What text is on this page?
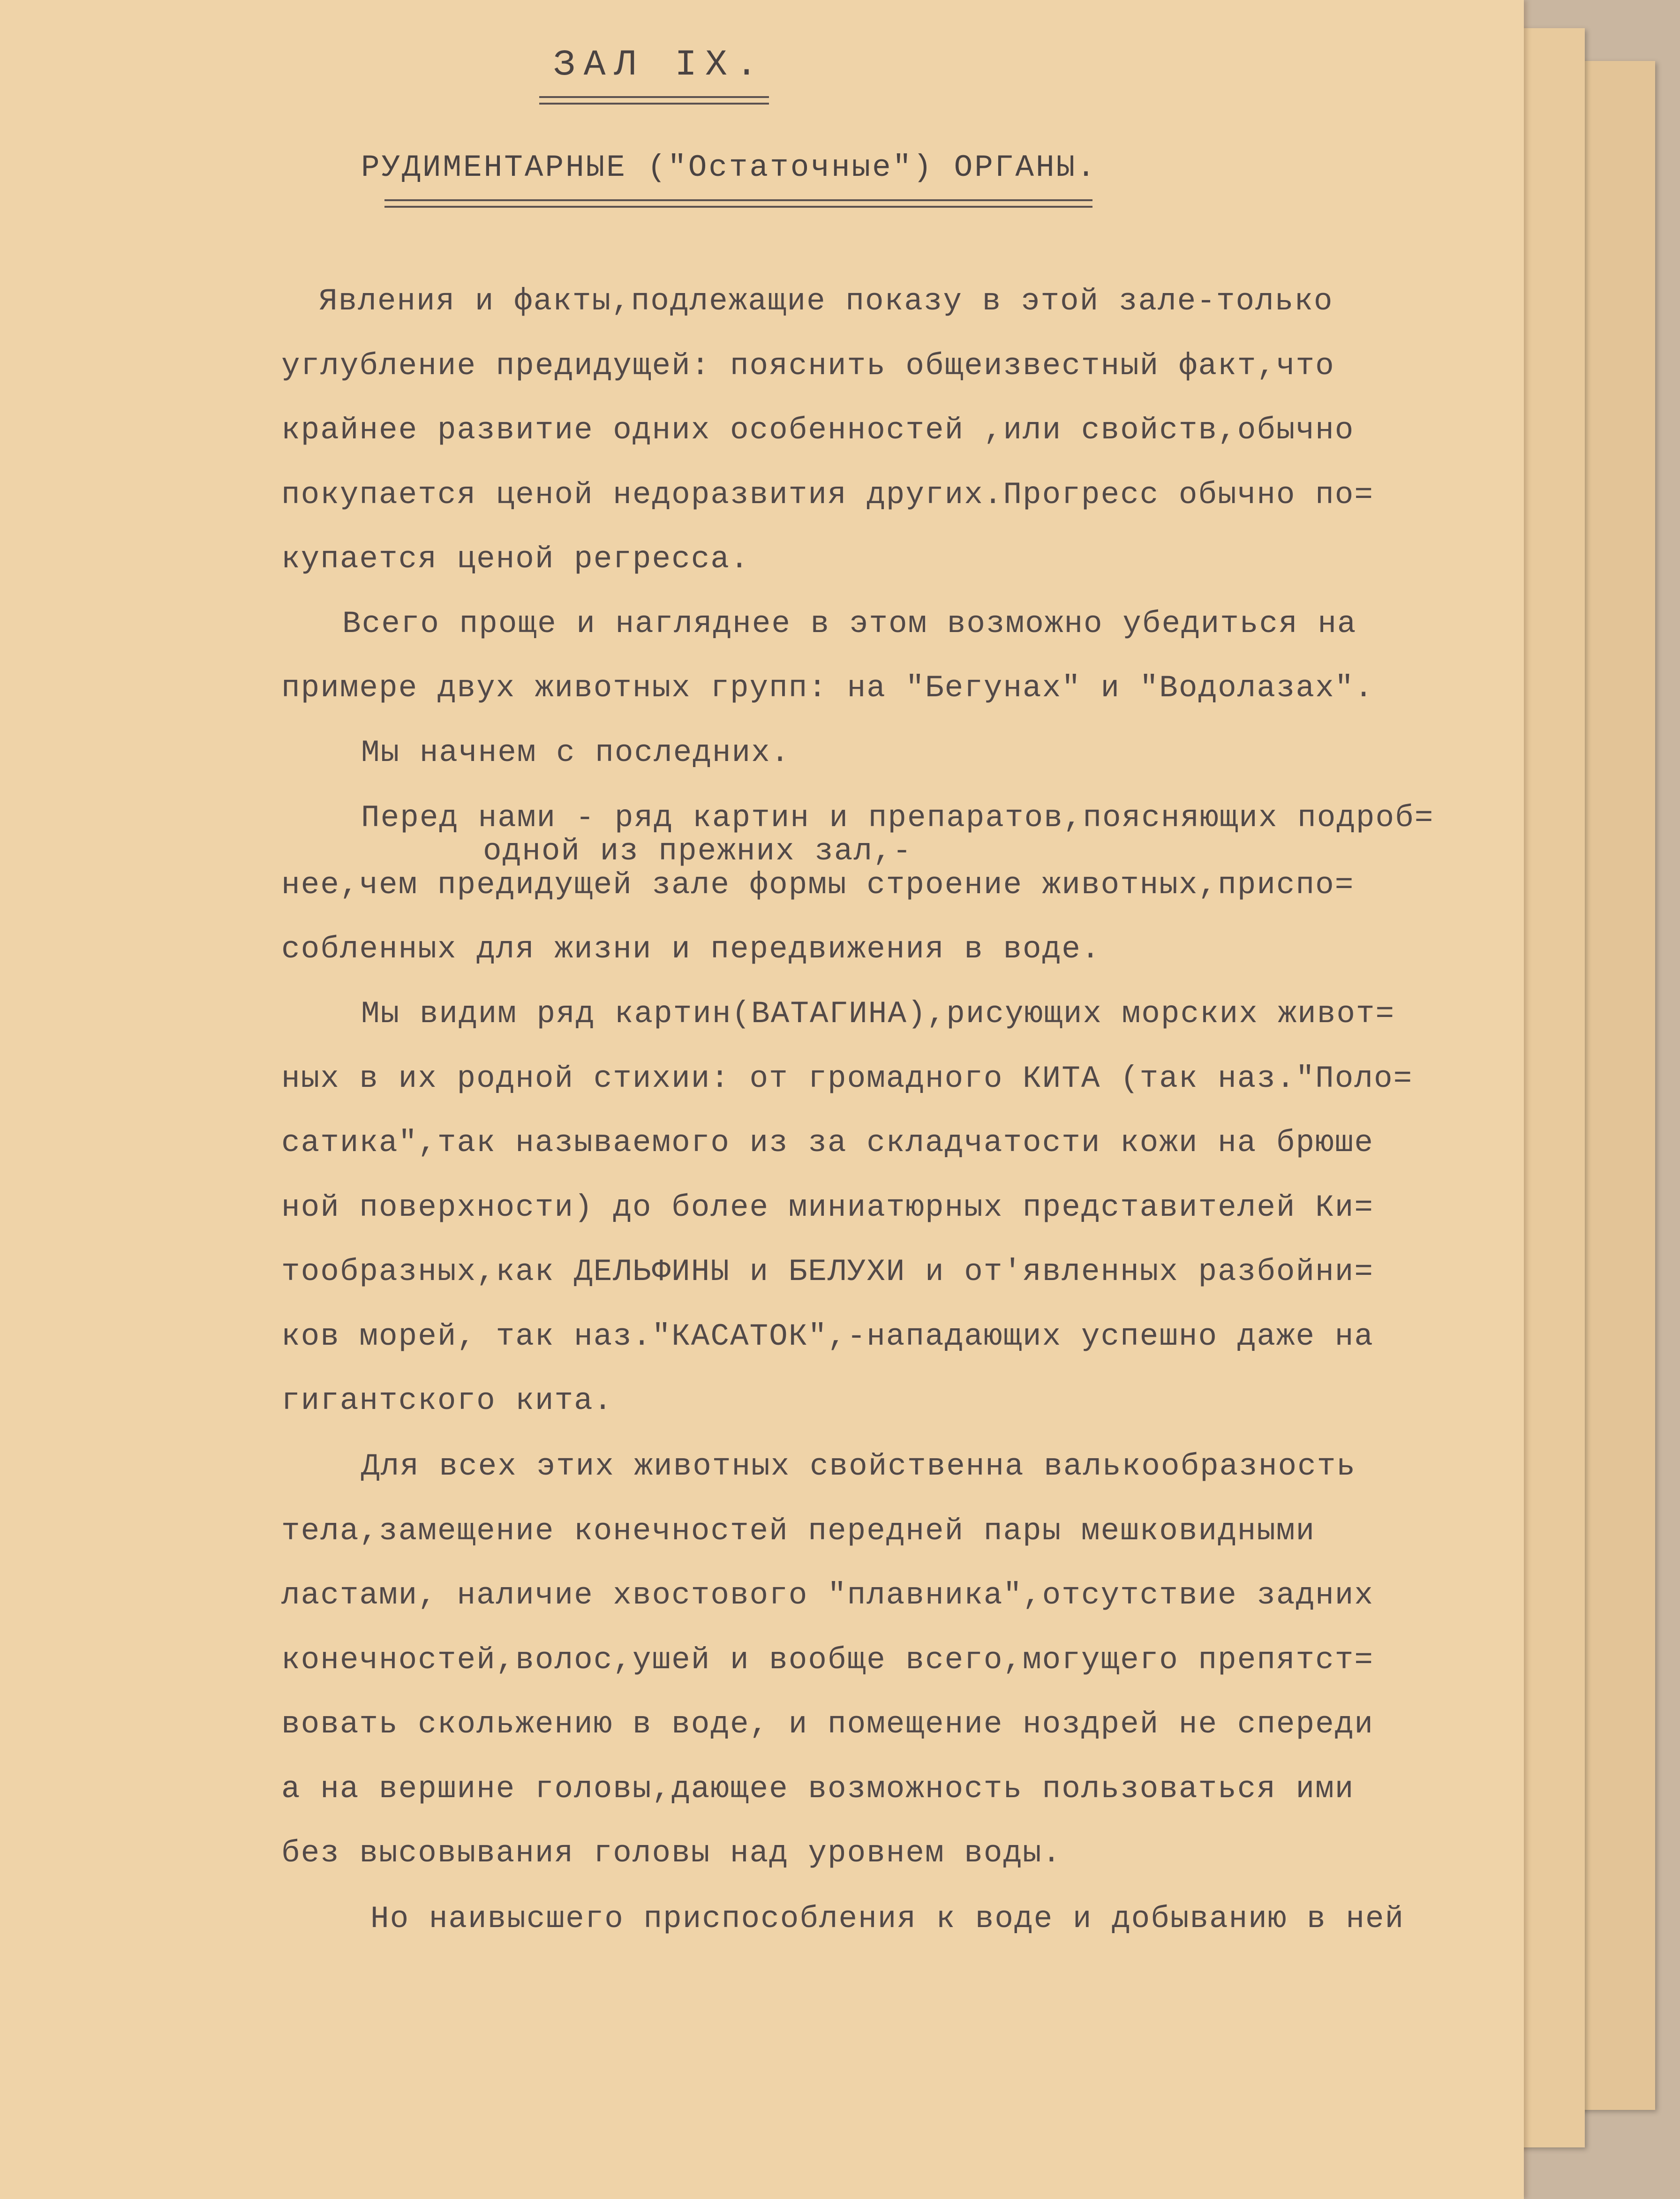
ЗАЛ IX.
РУДИМЕНТАРНЫЕ ("Остаточные") ОРГАНЫ.
Явления и факты,подлежащие показу в этой зале-только
углубление предидущей: пояснить общеизвестный факт,что
крайнее развитие одних особенностей ,или свойств,обычно
покупается ценой недоразвития других.Прогресс обычно по=
купается ценой регресса.
Всего проще и нагляднее в этом возможно убедиться на
примере двух животных групп: на "Бегунах" и "Водолазах".
Мы начнем с последних.
Перед нами - ряд картин и препаратов,поясняющих подроб=
одной из прежних зал,-
нее,чем предидущей зале формы строение животных,приспо=
собленных для жизни и передвижения в воде.
Мы видим ряд картин(ВАТАГИНА),рисующих морских живот=
ных в их родной стихии: от громадного КИТА (так наз."Поло=
сатика",так называемого из за складчатости кожи на брюшe
ной поверхности) до более миниатюрных представителей Ки=
тообразных,как ДЕЛЬФИНЫ и БЕЛУХИ и от'явленных разбойни=
ков морей, так наз."КАСАТОК",-нападающих успешно даже на
гигантского кита.
Для всех этих животных свойственна валькообразность
тела,замещение конечностей передней пары мешковидными
ластами, наличие хвостового "плавника",отсутствие задних
конечностей,волос,ушей и вообще всего,могущего препятст=
вовать скольжению в воде, и помещение ноздрей не спереди
а на вершине головы,дающее возможность пользоваться ими
без высовывания головы над уровнем воды.
Но наивысшего приспособления к воде и добыванию в ней
